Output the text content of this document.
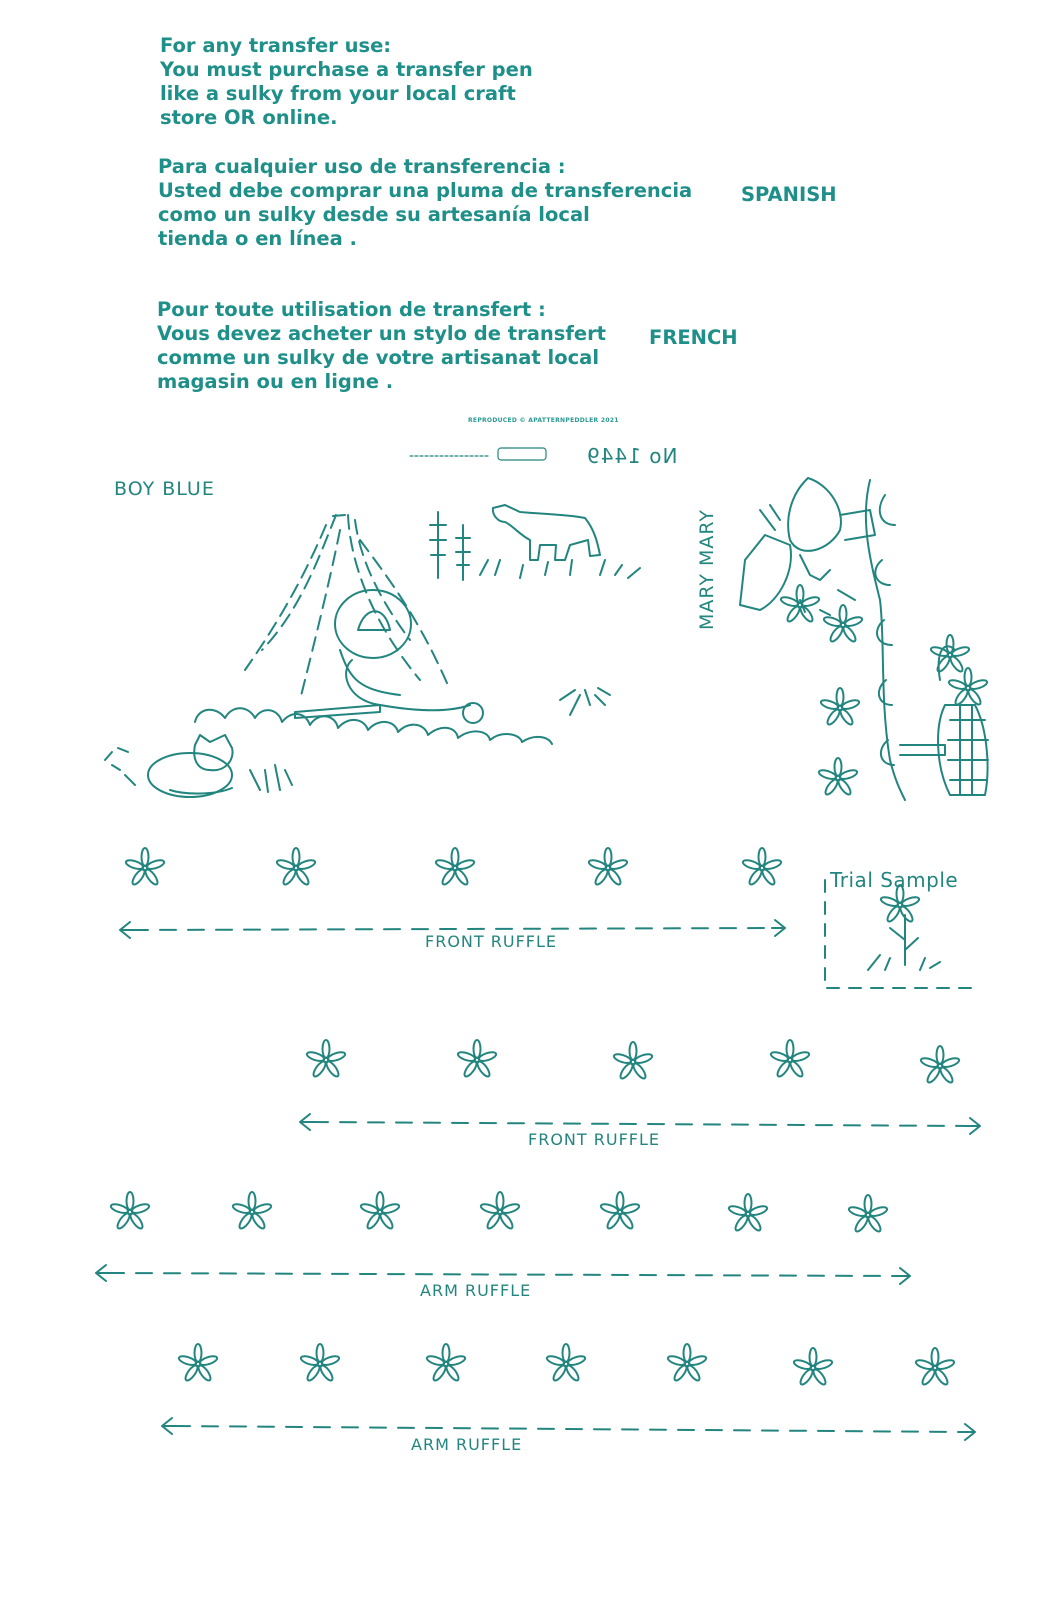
For any transfer use:
You must purchase a transfer pen
like a sulky from your local craft
store OR online.
Para cualquier uso de transferencia :
Usted debe comprar una pluma de transferencia
como un sulky desde su artesanía local
tienda o en línea .
SPANISH
Pour toute utilisation de transfert :
Vous devez acheter un stylo de transfert
comme un sulky de votre artisanat local
magasin ou en ligne .
FRENCH
REPRODUCED © APATTERNPEDDLER 2021
No 1449
BOY BLUE
MARY MARY
Trial Sample
FRONT RUFFLE
FRONT RUFFLE
ARM RUFFLE
ARM RUFFLE
